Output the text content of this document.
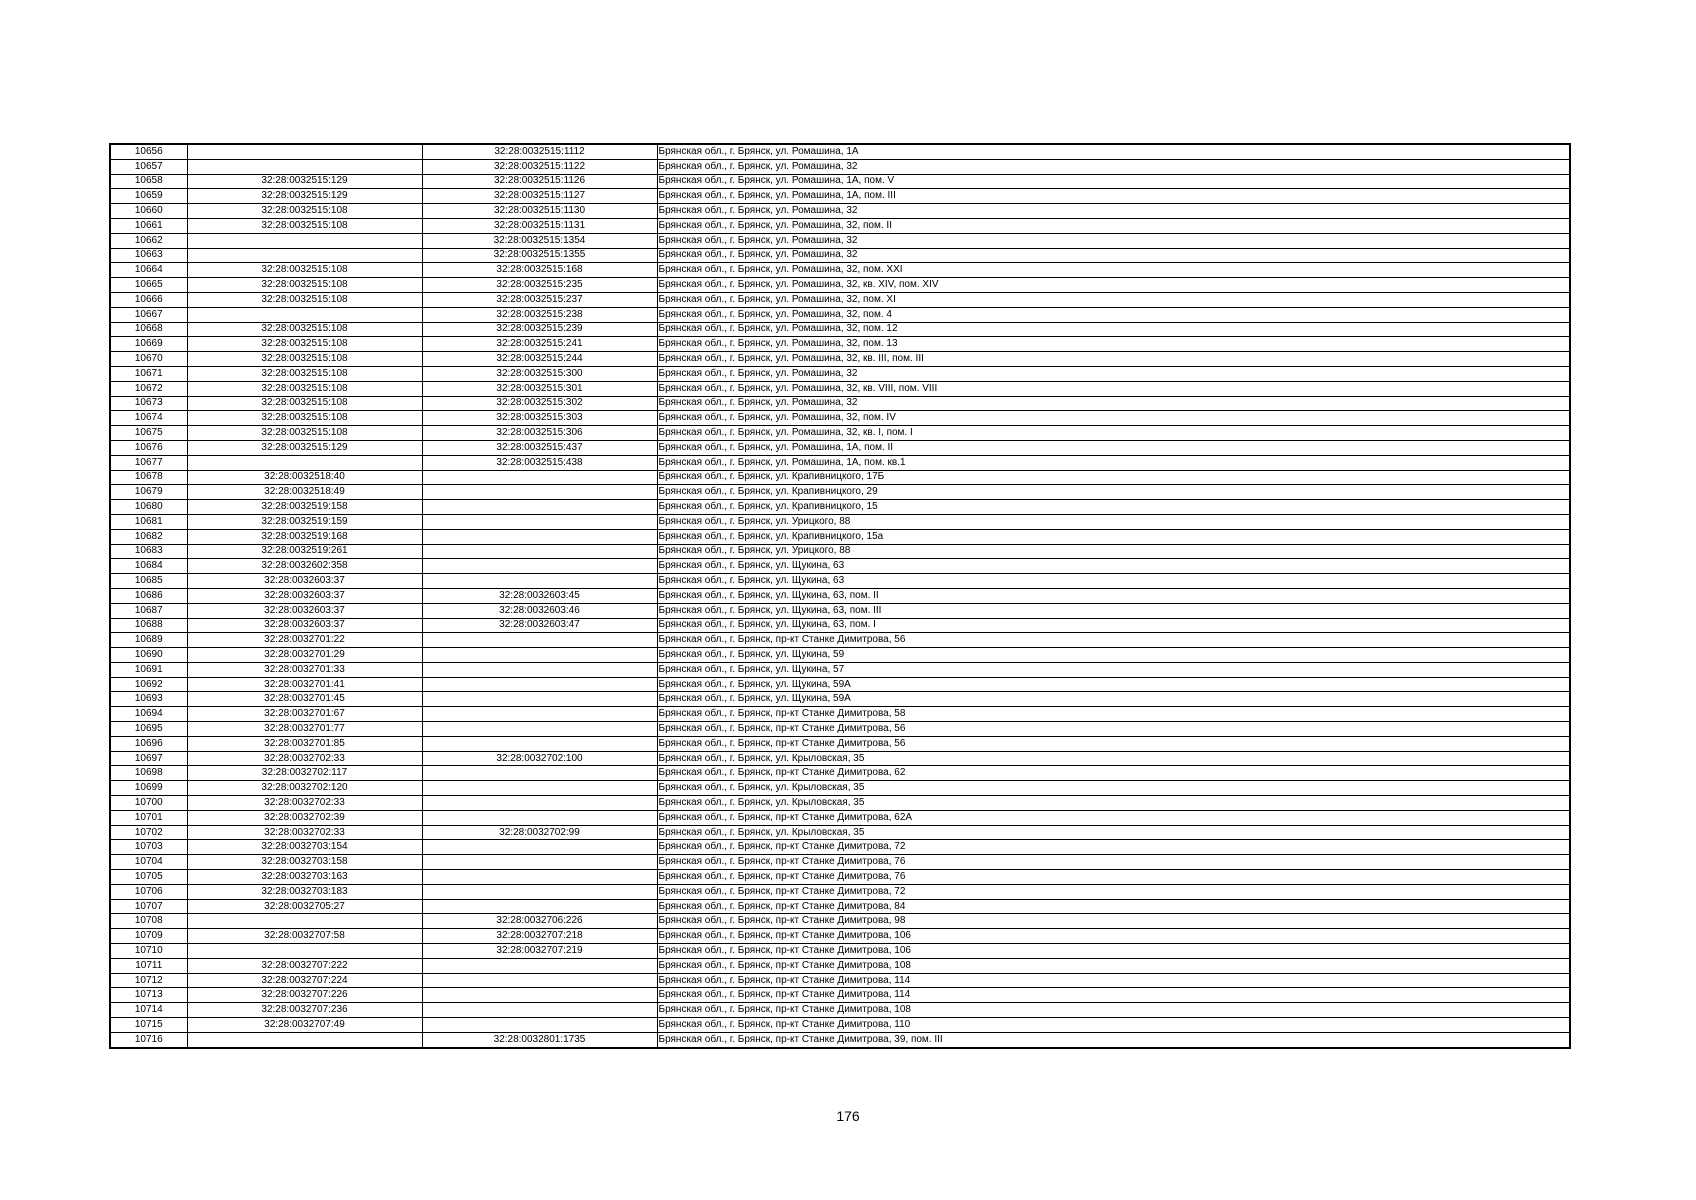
10656		32:28:0032515:1112	Брянская обл., г. Брянск, ул. Ромашина, 1А
10657		32:28:0032515:1122	Брянская обл., г. Брянск, ул. Ромашина, 32
10658	32:28:0032515:129	32:28:0032515:1126	Брянская обл., г. Брянск, ул. Ромашина, 1А, пом. V
10659	32:28:0032515:129	32:28:0032515:1127	Брянская обл., г. Брянск, ул. Ромашина, 1А, пом. III
10660	32:28:0032515:108	32:28:0032515:1130	Брянская обл., г. Брянск, ул. Ромашина, 32
10661	32:28:0032515:108	32:28:0032515:1131	Брянская обл., г. Брянск, ул. Ромашина, 32, пом. II
10662		32:28:0032515:1354	Брянская обл., г. Брянск, ул. Ромашина, 32
10663		32:28:0032515:1355	Брянская обл., г. Брянск, ул. Ромашина, 32
10664	32:28:0032515:108	32:28:0032515:168	Брянская обл., г. Брянск, ул. Ромашина, 32, пом. XXI
10665	32:28:0032515:108	32:28:0032515:235	Брянская обл., г. Брянск, ул. Ромашина, 32, кв. XIV, пом. XIV
10666	32:28:0032515:108	32:28:0032515:237	Брянская обл., г. Брянск, ул. Ромашина, 32, пом. XI
10667		32:28:0032515:238	Брянская обл., г. Брянск, ул. Ромашина, 32, пом. 4
10668	32:28:0032515:108	32:28:0032515:239	Брянская обл., г. Брянск, ул. Ромашина, 32, пом. 12
10669	32:28:0032515:108	32:28:0032515:241	Брянская обл., г. Брянск, ул. Ромашина, 32, пом. 13
10670	32:28:0032515:108	32:28:0032515:244	Брянская обл., г. Брянск, ул. Ромашина, 32, кв. III, пом. III
10671	32:28:0032515:108	32:28:0032515:300	Брянская обл., г. Брянск, ул. Ромашина, 32
10672	32:28:0032515:108	32:28:0032515:301	Брянская обл., г. Брянск, ул. Ромашина, 32, кв. VIII, пом. VIII
10673	32:28:0032515:108	32:28:0032515:302	Брянская обл., г. Брянск, ул. Ромашина, 32
10674	32:28:0032515:108	32:28:0032515:303	Брянская обл., г. Брянск, ул. Ромашина, 32, пом. IV
10675	32:28:0032515:108	32:28:0032515:306	Брянская обл., г. Брянск, ул. Ромашина, 32, кв. I, пом. I
10676	32:28:0032515:129	32:28:0032515:437	Брянская обл., г. Брянск, ул. Ромашина, 1А, пом. II
10677		32:28:0032515:438	Брянская обл., г. Брянск, ул. Ромашина, 1А, пом. кв.1
10678	32:28:0032518:40		Брянская обл., г. Брянск, ул. Крапивницкого, 17Б
10679	32:28:0032518:49		Брянская обл., г. Брянск, ул. Крапивницкого, 29
10680	32:28:0032519:158		Брянская обл., г. Брянск, ул. Крапивницкого, 15
10681	32:28:0032519:159		Брянская обл., г. Брянск, ул. Урицкого, 88
10682	32:28:0032519:168		Брянская обл., г. Брянск, ул. Крапивницкого, 15а
10683	32:28:0032519:261		Брянская обл., г. Брянск, ул. Урицкого, 88
10684	32:28:0032602:358		Брянская обл., г. Брянск, ул. Щукина, 63
10685	32:28:0032603:37		Брянская обл., г. Брянск, ул. Щукина, 63
10686	32:28:0032603:37	32:28:0032603:45	Брянская обл., г. Брянск, ул. Щукина, 63, пом. II
10687	32:28:0032603:37	32:28:0032603:46	Брянская обл., г. Брянск, ул. Щукина, 63, пом. III
10688	32:28:0032603:37	32:28:0032603:47	Брянская обл., г. Брянск, ул. Щукина, 63, пом. I
10689	32:28:0032701:22		Брянская обл., г. Брянск, пр-кт Станке Димитрова, 56
10690	32:28:0032701:29		Брянская обл., г. Брянск, ул. Щукина, 59
10691	32:28:0032701:33		Брянская обл., г. Брянск, ул. Щукина, 57
10692	32:28:0032701:41		Брянская обл., г. Брянск, ул. Щукина, 59А
10693	32:28:0032701:45		Брянская обл., г. Брянск, ул. Щукина, 59А
10694	32:28:0032701:67		Брянская обл., г. Брянск, пр-кт Станке Димитрова, 58
10695	32:28:0032701:77		Брянская обл., г. Брянск, пр-кт Станке Димитрова, 56
10696	32:28:0032701:85		Брянская обл., г. Брянск, пр-кт Станке Димитрова, 56
10697	32:28:0032702:33	32:28:0032702:100	Брянская обл., г. Брянск, ул. Крыловская, 35
10698	32:28:0032702:117		Брянская обл., г. Брянск, пр-кт Станке Димитрова, 62
10699	32:28:0032702:120		Брянская обл., г. Брянск, ул. Крыловская, 35
10700	32:28:0032702:33		Брянская обл., г. Брянск, ул. Крыловская, 35
10701	32:28:0032702:39		Брянская обл., г. Брянск, пр-кт Станке Димитрова, 62А
10702	32:28:0032702:33	32:28:0032702:99	Брянская обл., г. Брянск, ул. Крыловская, 35
10703	32:28:0032703:154		Брянская обл., г. Брянск, пр-кт Станке Димитрова, 72
10704	32:28:0032703:158		Брянская обл., г. Брянск, пр-кт Станке Димитрова, 76
10705	32:28:0032703:163		Брянская обл., г. Брянск, пр-кт Станке Димитрова, 76
10706	32:28:0032703:183		Брянская обл., г. Брянск, пр-кт Станке Димитрова, 72
10707	32:28:0032705:27		Брянская обл., г. Брянск, пр-кт Станке Димитрова, 84
10708		32:28:0032706:226	Брянская обл., г. Брянск, пр-кт Станке Димитрова, 98
10709	32:28:0032707:58	32:28:0032707:218	Брянская обл., г. Брянск, пр-кт Станке Димитрова, 106
10710		32:28:0032707:219	Брянская обл., г. Брянск, пр-кт Станке Димитрова, 106
10711	32:28:0032707:222		Брянская обл., г. Брянск, пр-кт Станке Димитрова, 108
10712	32:28:0032707:224		Брянская обл., г. Брянск, пр-кт Станке Димитрова, 114
10713	32:28:0032707:226		Брянская обл., г. Брянск, пр-кт Станке Димитрова, 114
10714	32:28:0032707:236		Брянская обл., г. Брянск, пр-кт Станке Димитрова, 108
10715	32:28:0032707:49		Брянская обл., г. Брянск, пр-кт Станке Димитрова, 110
10716		32:28:0032801:1735	Брянская обл., г. Брянск, пр-кт Станке Димитрова, 39, пом. III
176
